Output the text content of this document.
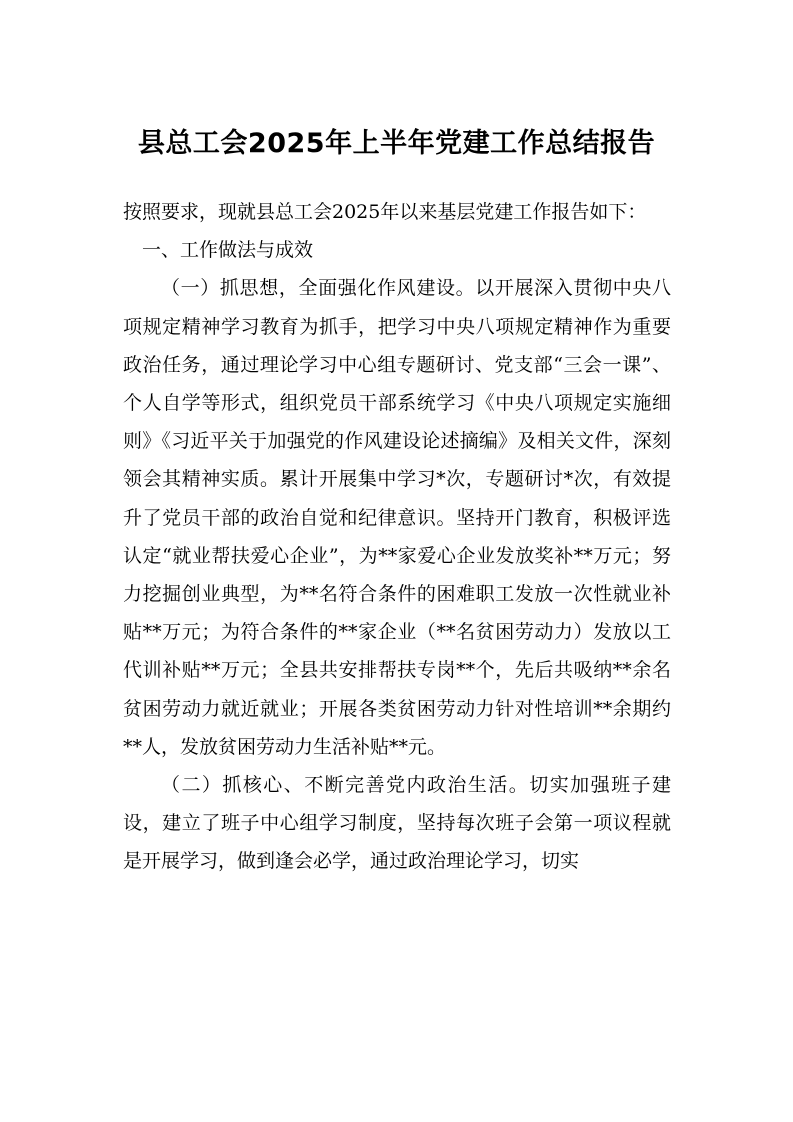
县总工会2025年上半年党建工作总结报告

按照要求，现就县总工会2025年以来基层党建工作报告如下：

一、工作做法与成效

（一）抓思想，全面强化作风建设。以开展深入贯彻中央八项规定精神学习教育为抓手，把学习中央八项规定精神作为重要政治任务，通过理论学习中心组专题研讨、党支部“三会一课”、个人自学等形式，组织党员干部系统学习《中央八项规定实施细则》《习近平关于加强党的作风建设论述摘编》及相关文件，深刻领会其精神实质。累计开展集中学习*次，专题研讨*次，有效提升了党员干部的政治自觉和纪律意识。坚持开门教育，积极评选认定“就业帮扶爱心企业”，为**家爱心企业发放奖补**万元；努力挖掘创业典型，为**名符合条件的困难职工发放一次性就业补贴**万元；为符合条件的**家企业（**名贫困劳动力）发放以工代训补贴**万元；全县共安排帮扶专岗**个，先后共吸纳**余名贫困劳动力就近就业；开展各类贫困劳动力针对性培训**余期约**人，发放贫困劳动力生活补贴**元。

（二）抓核心、不断完善党内政治生活。切实加强班子建设，建立了班子中心组学习制度，坚持每次班子会第一项议程就是开展学习，做到逢会必学，通过政治理论学习，切实
